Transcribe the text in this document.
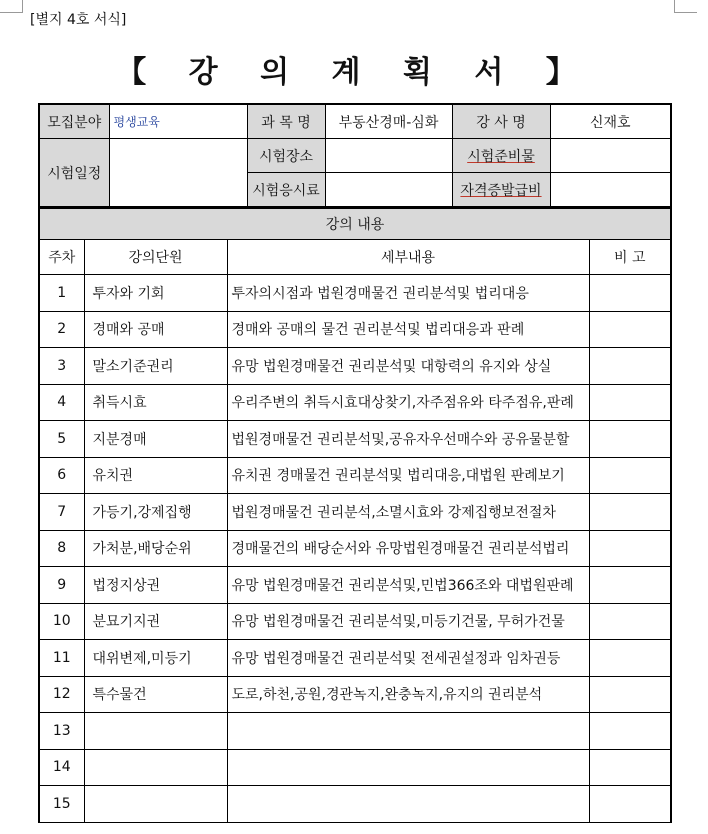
[별지 4호 서식]
【 강 의 계 획 서 】
모집분야	평생교육	과 목 명	부동산경매-심화	강 사 명	신재호
시험일정		시험장소		시험준비물	
		시험응시료		자격증발급비	
강의 내용			
주차	강의단원	세부내용	비 고
1	투자와 기회	투자의시점과 법원경매물건 권리분석및 법리대응	
2	경매와 공매	경매와 공매의 물건 권리분석및 법리대응과 판례	
3	말소기준권리	유망 법원경매물건 권리분석및 대항력의 유지와 상실	
4	취득시효	우리주변의 취득시효대상찾기,자주점유와 타주점유,판례	
5	지분경매	법원경매물건 권리분석및,공유자우선매수와 공유물분할	
6	유치권	유치권 경매물건 권리분석및 법리대응,대법원 판례보기	
7	가등기,강제집행	법원경매물건 권리분석,소멸시효와 강제집행보전절차	
8	가처분,배당순위	경매물건의 배당순서와 유망법원경매물건 권리분석법리	
9	법정지상권	유망 법원경매물건 권리분석및,민법366조와 대법원판례	
10	분묘기지권	유망 법원경매물건 권리분석및,미등기건물, 무허가건물	
11	대위변제,미등기	유망 법원경매물건 권리분석및 전세권설정과 임차권등	
12	특수물건	도로,하천,공원,경관녹지,완충녹지,유지의 권리분석	
13			
14			
15			
